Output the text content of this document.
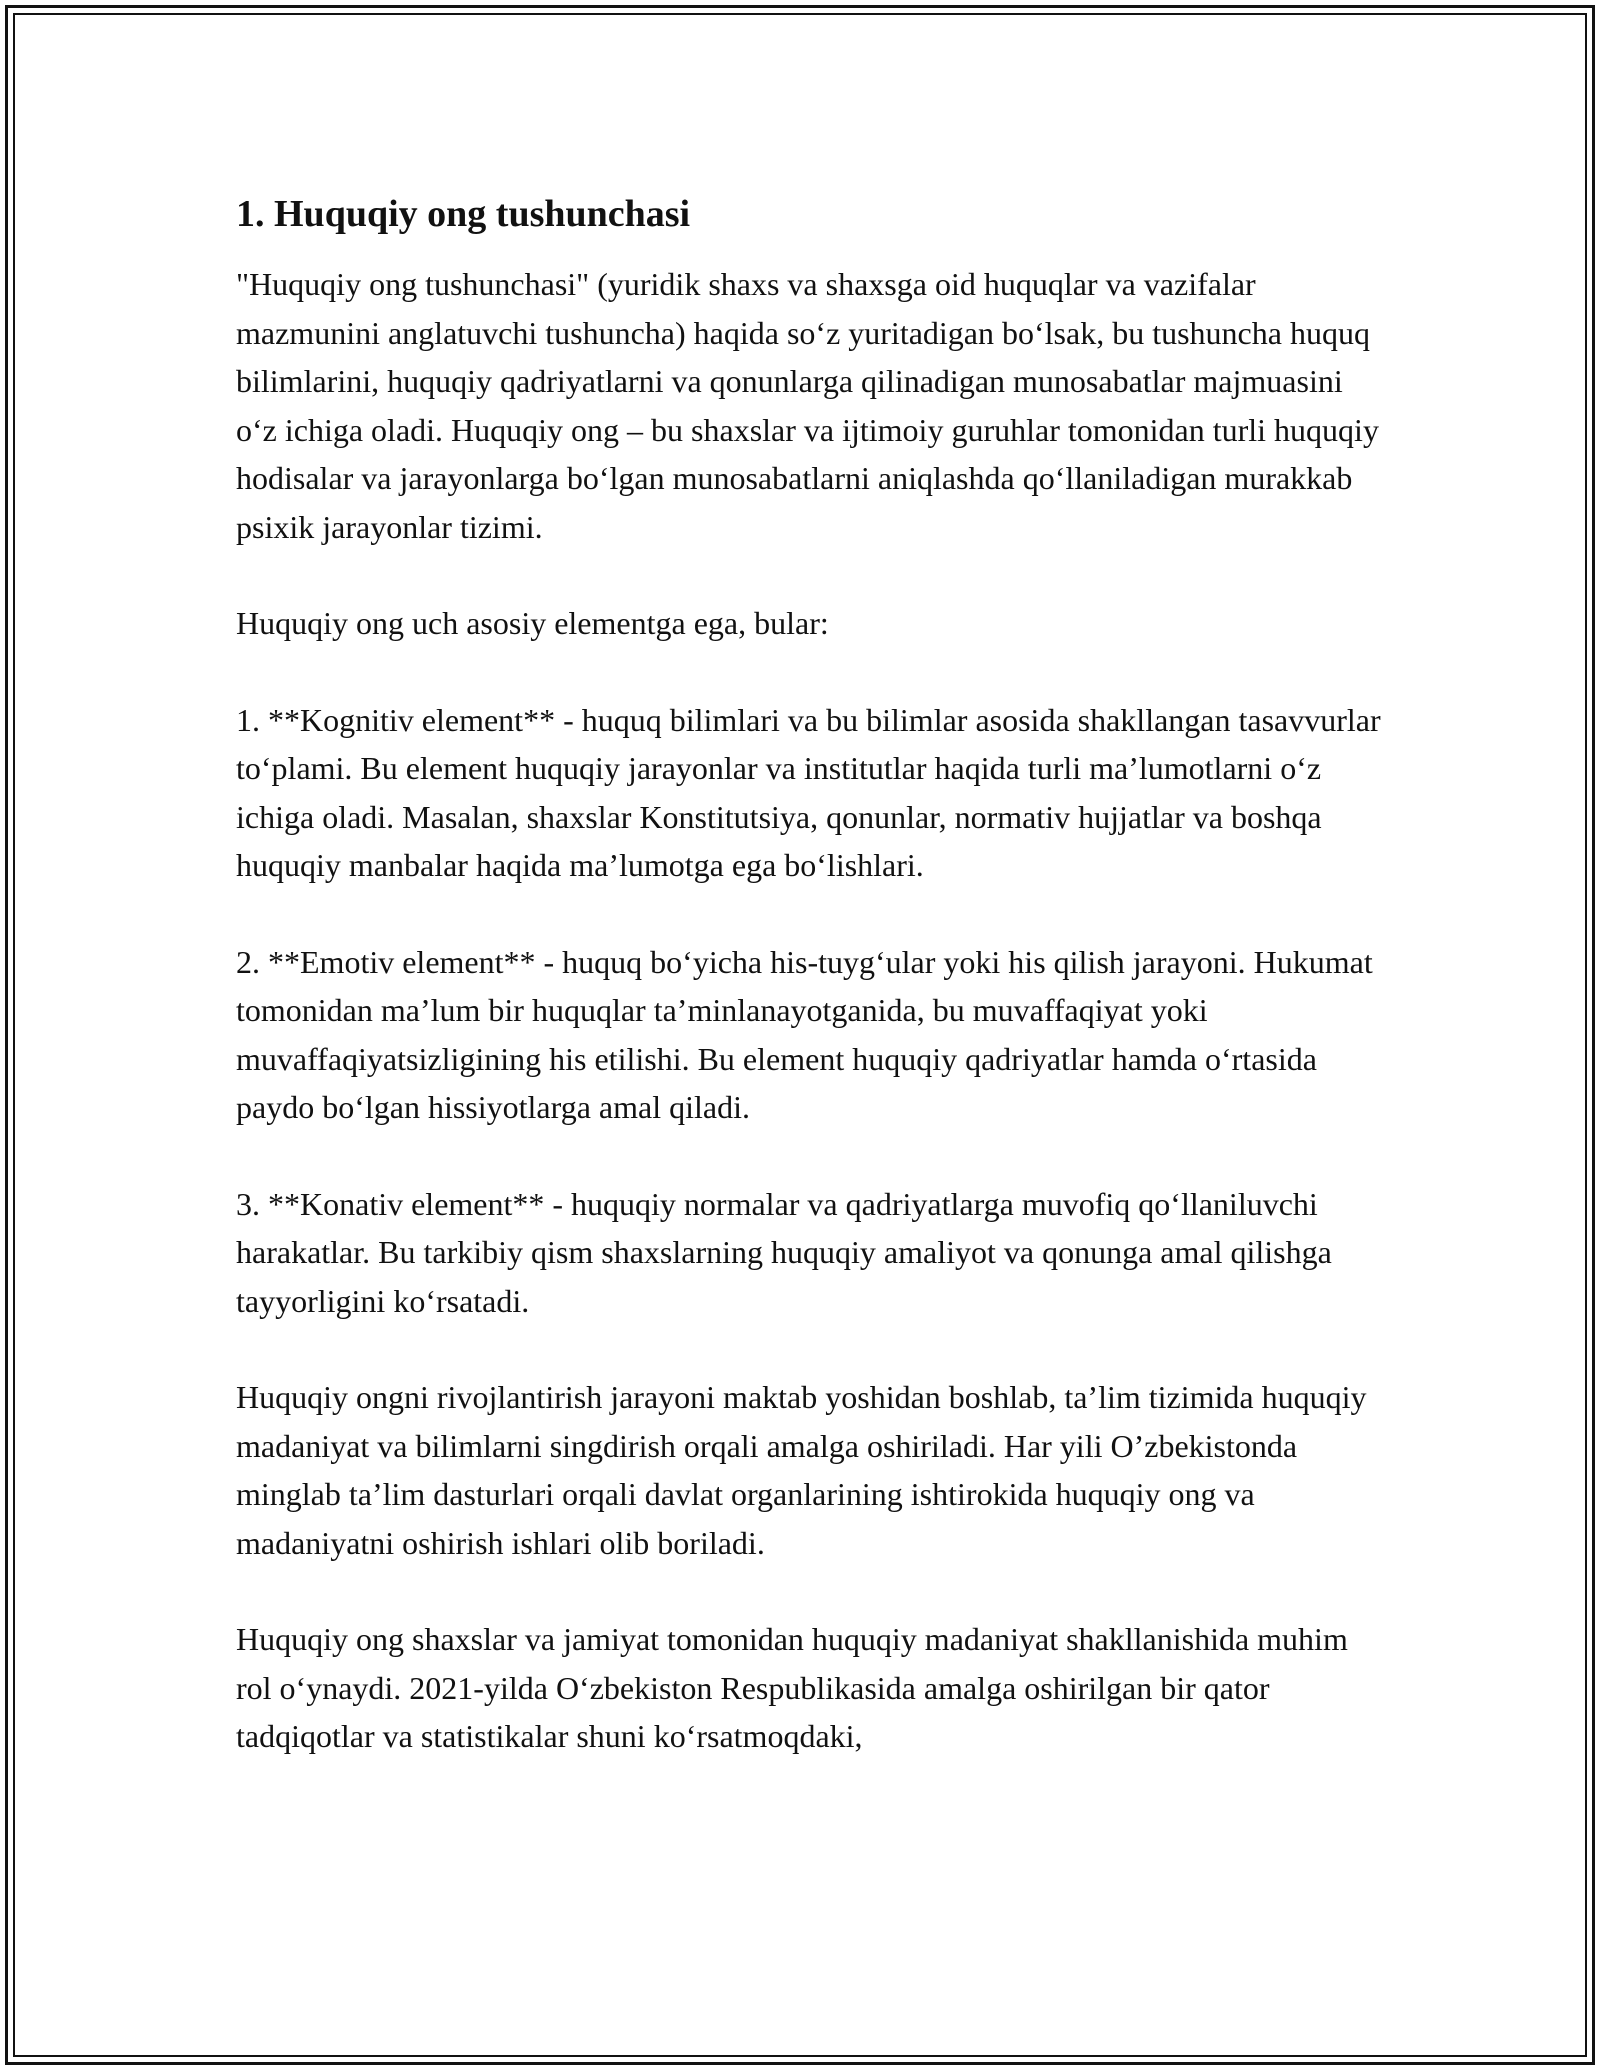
1. Huquqiy ong tushunchasi

"Huquqiy ong tushunchasi" (yuridik shaxs va shaxsga oid huquqlar va vazifalar mazmunini anglatuvchi tushuncha) haqida soʻz yuritadigan boʻlsak, bu tushuncha huquq bilimlarini, huquqiy qadriyatlarni va qonunlarga qilinadigan munosabatlar majmuasini oʻz ichiga oladi. Huquqiy ong – bu shaxslar va ijtimoiy guruhlar tomonidan turli huquqiy hodisalar va jarayonlarga boʻlgan munosabatlarni aniqlashda qoʻllaniladigan murakkab psixik jarayonlar tizimi.

Huquqiy ong uch asosiy elementga ega, bular:

1. **Kognitiv element** - huquq bilimlari va bu bilimlar asosida shakllangan tasavvurlar toʻplami. Bu element huquqiy jarayonlar va institutlar haqida turli maʼlumotlarni oʻz ichiga oladi. Masalan, shaxslar Konstitutsiya, qonunlar, normativ hujjatlar va boshqa huquqiy manbalar haqida maʼlumotga ega boʻlishlari.

2. **Emotiv element** - huquq boʻyicha his-tuygʻular yoki his qilish jarayoni. Hukumat tomonidan maʼlum bir huquqlar taʼminlanayotganida, bu muvaffaqiyat yoki muvaffaqiyatsizligining his etilishi. Bu element huquqiy qadriyatlar hamda oʻrtasida paydo boʻlgan hissiyotlarga amal qiladi.

3. **Konativ element** - huquqiy normalar va qadriyatlarga muvofiq qoʻllaniluvchi harakatlar. Bu tarkibiy qism shaxslarning huquqiy amaliyot va qonunga amal qilishga tayyorligini koʻrsatadi.

Huquqiy ongni rivojlantirish jarayoni maktab yoshidan boshlab, taʼlim tizimida huquqiy madaniyat va bilimlarni singdirish orqali amalga oshiriladi. Har yili Oʼzbekistonda minglab taʼlim dasturlari orqali davlat organlarining ishtirokida huquqiy ong va madaniyatni oshirish ishlari olib boriladi.

Huquqiy ong shaxslar va jamiyat tomonidan huquqiy madaniyat shakllanishida muhim rol oʻynaydi. 2021-yilda Oʻzbekiston Respublikasida amalga oshirilgan bir qator tadqiqotlar va statistikalar shuni koʻrsatmoqdaki,
